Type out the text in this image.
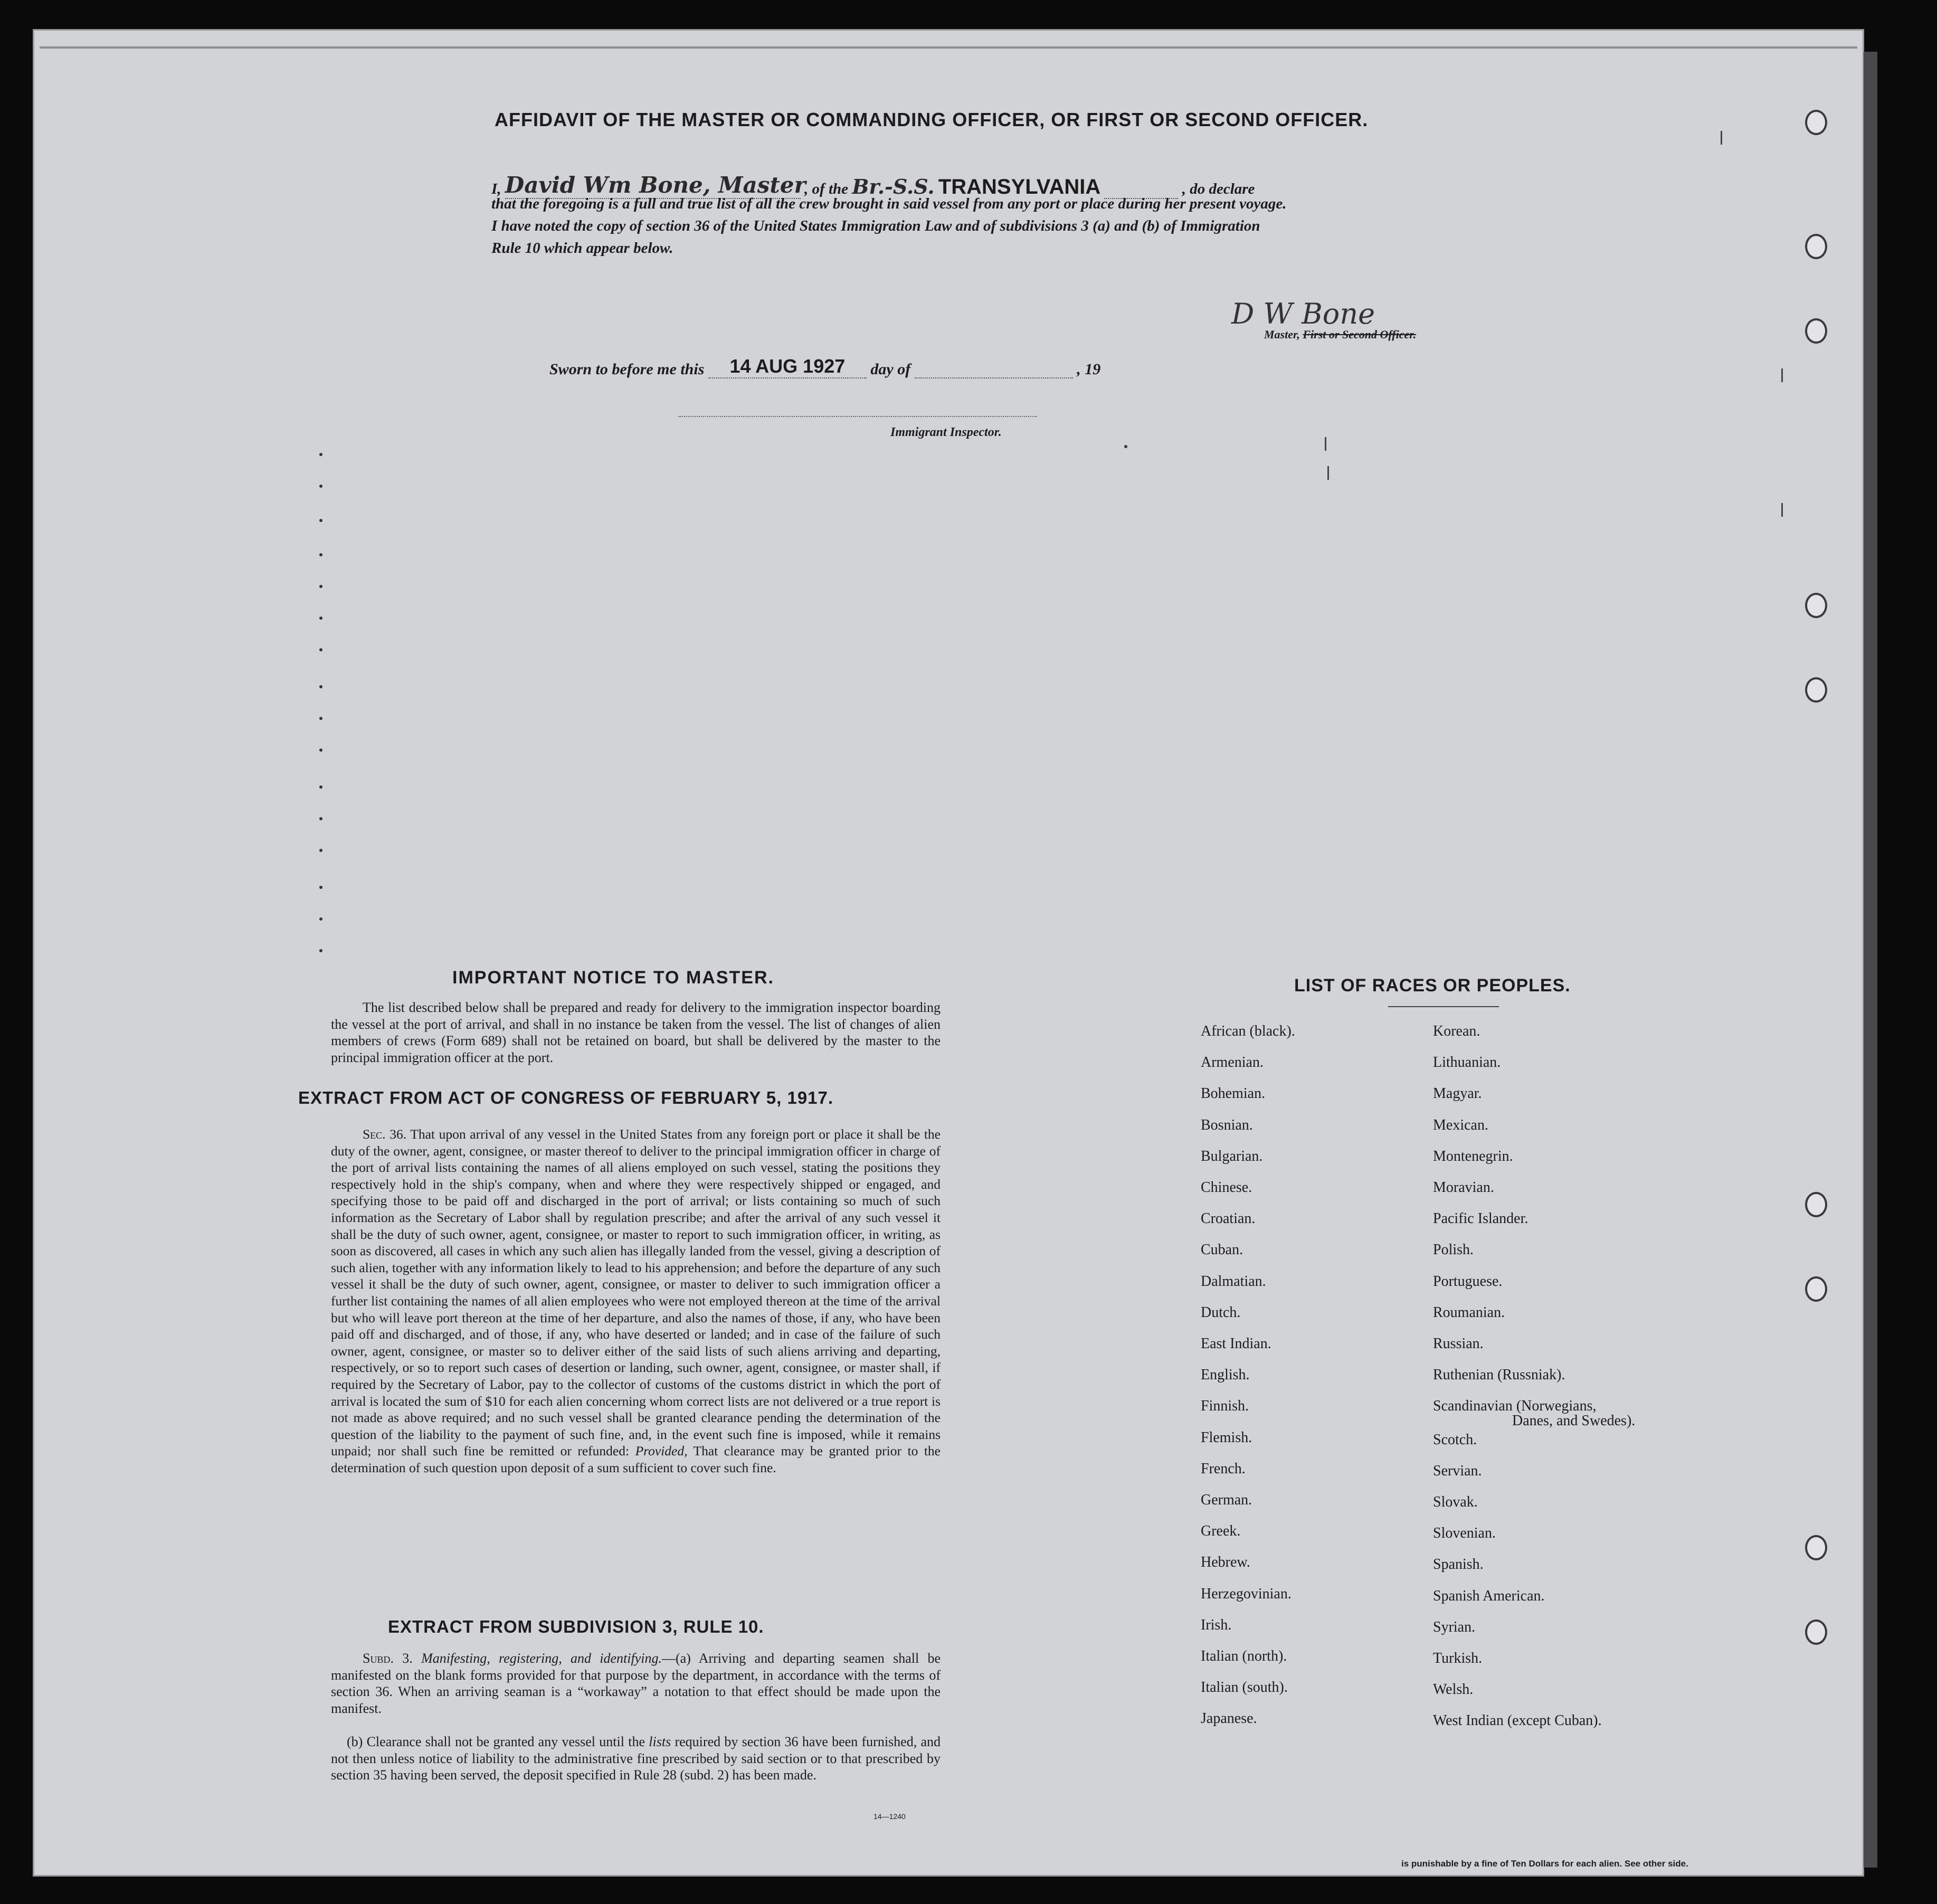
AFFIDAVIT OF THE MASTER OR COMMANDING OFFICER, OR FIRST OR SECOND OFFICER.
I, David Wm Bone, Master , of the Br.-S.S. TRANSYLVANIA	, do declare
that the foregoing is a full and true list of all the crew brought in said vessel from any port or place during her present voyage.
I have noted the copy of section 36 of the United States Immigration Law and of subdivisions 3 (a) and (b) of Immigration
Rule 10 which appear below.
D W Bone
Master, First or Second Officer.
Sworn to before me this 14 AUG 1927 day of	, 19
Immigrant Inspector.
IMPORTANT NOTICE TO MASTER.
The list described below shall be prepared and ready for delivery to the immigration inspector boarding the vessel at the port of arrival, and shall in no instance be taken from the vessel. The list of changes of alien members of crews (Form 689) shall not be retained on board, but shall be delivered by the master to the principal immigration officer at the port.
EXTRACT FROM ACT OF CONGRESS OF FEBRUARY 5, 1917.
Sec. 36. That upon arrival of any vessel in the United States from any foreign port or place it shall be the duty of the owner, agent, consignee, or master thereof to deliver to the principal immigration officer in charge of the port of arrival lists containing the names of all aliens employed on such vessel, stating the positions they respectively hold in the ship's company, when and where they were respectively shipped or engaged, and specifying those to be paid off and discharged in the port of arrival; or lists containing so much of such information as the Secretary of Labor shall by regulation prescribe; and after the arrival of any such vessel it shall be the duty of such owner, agent, consignee, or master to report to such immigration officer, in writing, as soon as discovered, all cases in which any such alien has illegally landed from the vessel, giving a description of such alien, together with any information likely to lead to his apprehension; and before the departure of any such vessel it shall be the duty of such owner, agent, consignee, or master to deliver to such immigration officer a further list containing the names of all alien employees who were not employed thereon at the time of the arrival but who will leave port thereon at the time of her departure, and also the names of those, if any, who have been paid off and discharged, and of those, if any, who have deserted or landed; and in case of the failure of such owner, agent, consignee, or master so to deliver either of the said lists of such aliens arriving and departing, respectively, or so to report such cases of desertion or landing, such owner, agent, consignee, or master shall, if required by the Secretary of Labor, pay to the collector of customs of the customs district in which the port of arrival is located the sum of $10 for each alien concerning whom correct lists are not delivered or a true report is not made as above required; and no such vessel shall be granted clearance pending the determination of the question of the liability to the payment of such fine, and, in the event such fine is imposed, while it remains unpaid; nor shall such fine be remitted or refunded: Provided, That clearance may be granted prior to the determination of such question upon deposit of a sum sufficient to cover such fine.
EXTRACT FROM SUBDIVISION 3, RULE 10.
Subd. 3. Manifesting, registering, and identifying.—(a) Arriving and departing seamen shall be manifested on the blank forms provided for that purpose by the department, in accordance with the terms of section 36. When an arriving seaman is a “workaway” a notation to that effect should be made upon the manifest.
(b) Clearance shall not be granted any vessel until the lists required by section 36 have been furnished, and not then unless notice of liability to the administrative fine prescribed by said section or to that prescribed by section 35 having been served, the deposit specified in Rule 28 (subd. 2) has been made.
14—1240
LIST OF RACES OR PEOPLES.
Danes, and Swedes).
is punishable by a fine of Ten Dollars for each alien. See other side.
African (black).
Armenian.
Bohemian.
Bosnian.
Bulgarian.
Chinese.
Croatian.
Cuban.
Dalmatian.
Dutch.
East Indian.
English.
Finnish.
Flemish.
French.
German.
Greek.
Hebrew.
Herzegovinian.
Irish.
Italian (north).
Italian (south).
Japanese.
Korean.
Lithuanian.
Magyar.
Mexican.
Montenegrin.
Moravian.
Pacific Islander.
Polish.
Portuguese.
Roumanian.
Russian.
Ruthenian (Russniak).
Scandinavian (Norwegians,
Scotch.
Servian.
Slovak.
Slovenian.
Spanish.
Spanish American.
Syrian.
Turkish.
Welsh.
West Indian (except Cuban).
